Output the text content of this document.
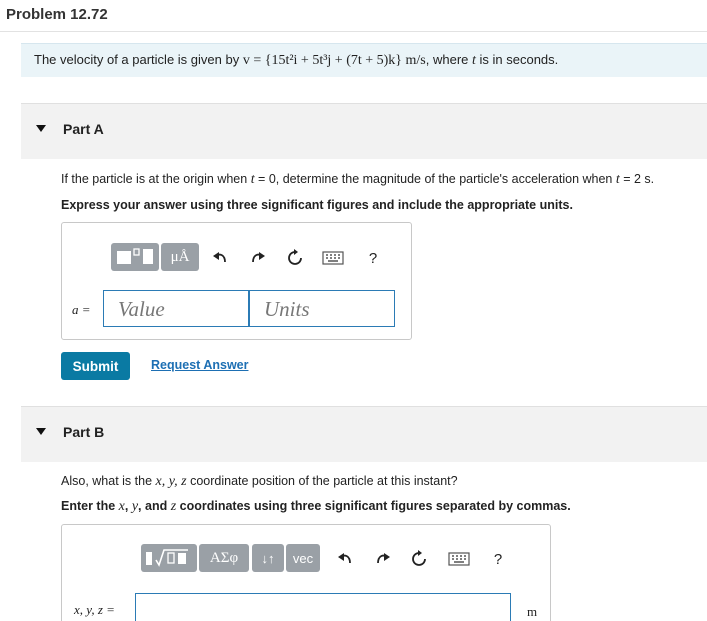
Problem 12.72
The velocity of a particle is given by v = {15t²i + 5t³j + (7t + 5)k} m/s, where t is in seconds.
Part A
If the particle is at the origin when t = 0, determine the magnitude of the particle's acceleration when t = 2 s.
Express your answer using three significant figures and include the appropriate units.
μÅ	?
a = Value	Units
Submit	Request Answer
Part B
Also, what is the x, y, z coordinate position of the particle at this instant?
Enter the x, y, and z coordinates using three significant figures separated by commas.
ΑΣφ	↓↑	vec	?
x, y, z =	m
